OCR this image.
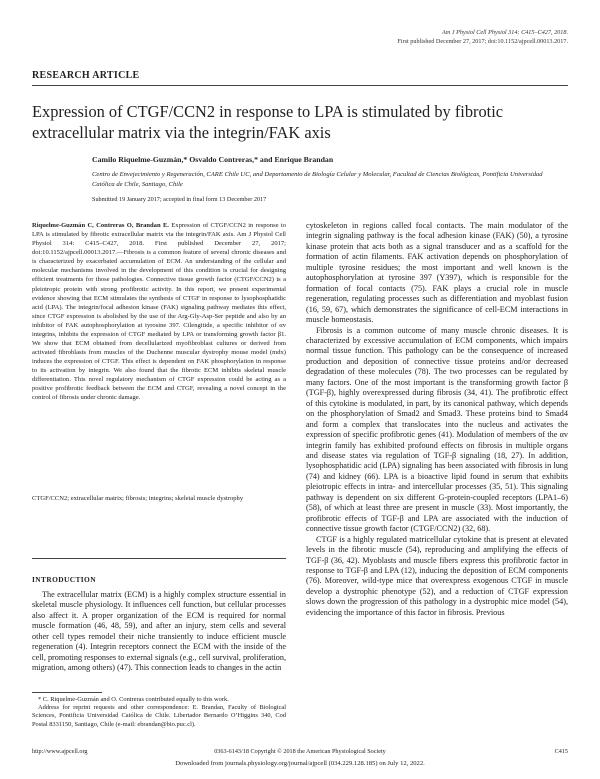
Am J Physiol Cell Physiol 314: C415–C427, 2018.
First published December 27, 2017; doi:10.1152/ajpcell.00013.2017.
RESEARCH ARTICLE
Expression of CTGF/CCN2 in response to LPA is stimulated by fibrotic extracellular matrix via the integrin/FAK axis
Camilo Riquelme-Guzmán,* Osvaldo Contreras,* and Enrique Brandan
Centro de Envejecimiento y Regeneración, CARE Chile UC, and Departamento de Biología Celular y Molecular, Facultad de Ciencias Biológicas, Pontificia Universidad Católica de Chile, Santiago, Chile
Submitted 19 January 2017; accepted in final form 13 December 2017

Riquelme-Guzmán C, Contreras O, Brandan E. Expression of CTGF/CCN2 in response to LPA is stimulated by fibrotic extracellular matrix via the integrin/FAK axis. Am J Physiol Cell Physiol 314: C415–C427, 2018. First published December 27, 2017; doi:10.1152/ajpcell.00013.2017.—Fibrosis is a common feature of several chronic diseases and is characterized by exacerbated accumulation of ECM. An understanding of the cellular and molecular mechanisms involved in the development of this condition is crucial for designing efficient treatments for those pathologies. Connective tissue growth factor (CTGF/CCN2) is a pleiotropic protein with strong profibrotic activity. In this report, we present experimental evidence showing that ECM stimulates the synthesis of CTGF in response to lysophosphatidic acid (LPA). The integrin/focal adhesion kinase (FAK) signaling pathway mediates this effect, since CTGF expression is abolished by the use of the Arg-Gly-Asp-Ser peptide and also by an inhibitor of FAK autophosphorylation at tyrosine 397. Cilengitide, a specific inhibitor of αv integrins, inhibits the expression of CTGF mediated by LPA or transforming growth factor β1. We show that ECM obtained from decellularized myofibroblast cultures or derived from activated fibroblasts from muscles of the Duchenne muscular dystrophy mouse model (mdx) induces the expression of CTGF. This effect is dependent on FAK phosphorylation in response to its activation by integrin. We also found that the fibrotic ECM inhibits skeletal muscle differentiation. This novel regulatory mechanism of CTGF expression could be acting as a positive profibrotic feedback between the ECM and CTGF, revealing a novel concept in the control of fibrosis under chronic damage.

CTGF/CCN2; extracellular matrix; fibrosis; integrins; skeletal muscle dystrophy

INTRODUCTION

The extracellular matrix (ECM) is a highly complex structure essential in skeletal muscle physiology. It influences cell function, but cellular processes also affect it. A proper organization of the ECM is required for normal muscle formation (46, 48, 59), and after an injury, stem cells and several other cell types remodel their niche transiently to induce efficient muscle regeneration (4). Integrin receptors connect the ECM with the inside of the cell, promoting responses to external signals (e.g., cell survival, proliferation, migration, among others) (47). This connection leads to changes in the actin

* C. Riquelme-Guzmán and O. Contreras contributed equally to this work.
Address for reprint requests and other correspondence: E. Brandan, Faculty of Biological Sciences, Pontificia Universidad Católica de Chile. Libertador Bernardo O’Higgins 340, Cod Postal 8331150, Santiago, Chile (e-mail: ebrandan@bio.puc.cl).

cytoskeleton in regions called focal contacts. The main modulator of the integrin signaling pathway is the focal adhesion kinase (FAK) (50), a tyrosine kinase protein that acts both as a signal transducer and as a scaffold for the formation of actin filaments. FAK activation depends on phosphorylation of multiple tyrosine residues; the most important and well known is the autophosphorylation at tyrosine 397 (Y397), which is responsible for the formation of focal contacts (75). FAK plays a crucial role in muscle regeneration, regulating processes such as differentiation and myoblast fusion (16, 59, 67), which demonstrates the significance of cell-ECM interactions in muscle homeostasis.

Fibrosis is a common outcome of many muscle chronic diseases. It is characterized by excessive accumulation of ECM components, which impairs normal tissue function. This pathology can be the consequence of increased production and deposition of connective tissue proteins and/or decreased degradation of these molecules (78). The two processes can be regulated by many factors. One of the most important is the transforming growth factor β (TGF-β), highly overexpressed during fibrosis (34, 41). The profibrotic effect of this cytokine is modulated, in part, by its canonical pathway, which depends on the phosphorylation of Smad2 and Smad3. These proteins bind to Smad4 and form a complex that translocates into the nucleus and activates the expression of specific profibrotic genes (41). Modulation of members of the αv integrin family has exhibited profound effects on fibrosis in multiple organs and disease states via regulation of TGF-β signaling (18, 27). In addition, lysophosphatidic acid (LPA) signaling has been associated with fibrosis in lung (74) and kidney (66). LPA is a bioactive lipid found in serum that exhibits pleiotropic effects in intra- and intercellular processes (35, 51). This signaling pathway is dependent on six different G-protein-coupled receptors (LPA1–6) (58), of which at least three are present in muscle (33). Most importantly, the profibrotic effects of TGF-β and LPA are associated with the induction of connective tissue growth factor (CTGF/CCN2) (32, 68).

CTGF is a highly regulated matricellular cytokine that is present at elevated levels in the fibrotic muscle (54), reproducing and amplifying the effects of TGF-β (36, 42). Myoblasts and muscle fibers express this profibrotic factor in response to TGF-β and LPA (12), inducing the deposition of ECM components (76). Moreover, wild-type mice that overexpress exogenous CTGF in muscle develop a dystrophic phenotype (52), and a reduction of CTGF expression slows down the progression of this pathology in a dystrophic mice model (54), evidencing the importance of this factor in fibrosis. Previous

http://www.ajpcell.org	0363-6143/18 Copyright © 2018 the American Physiological Society	C415
Downloaded from journals.physiology.org/journal/ajpcell (034.229.128.185) on July 12, 2022.
